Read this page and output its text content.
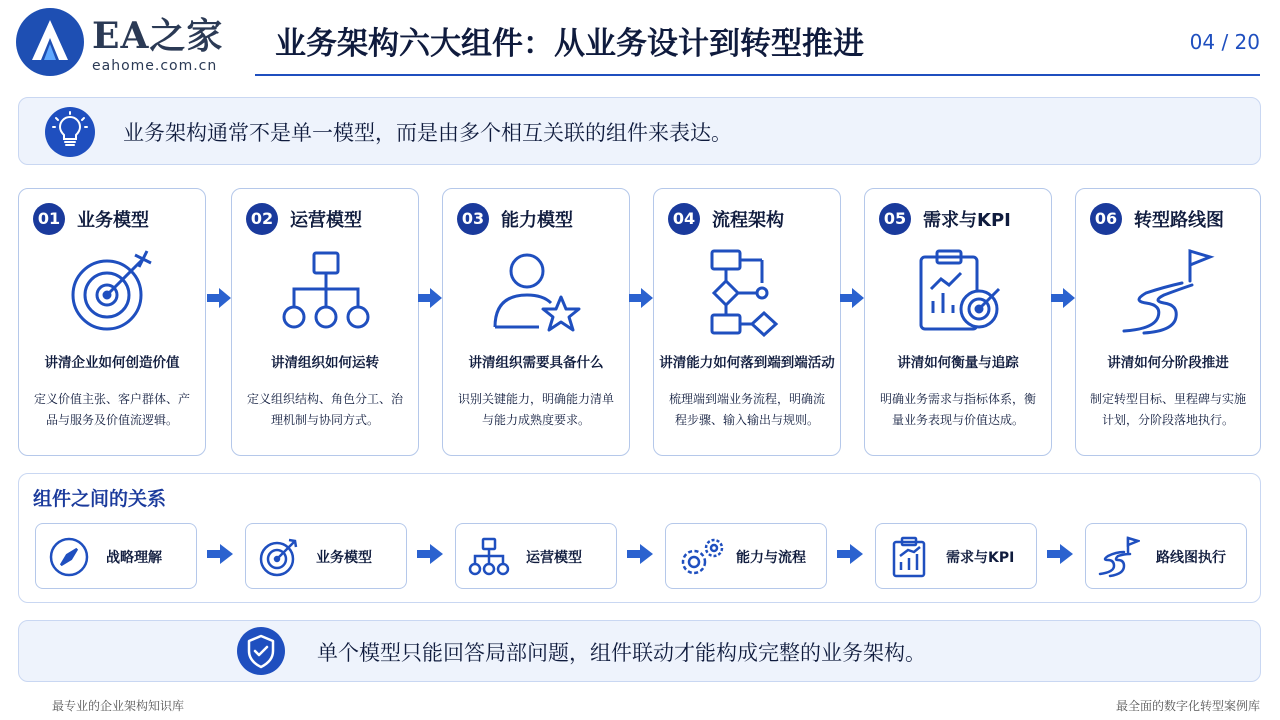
EA之家
eahome.com.cn
业务架构六大组件：从业务设计到转型推进	04 / 20
业务架构通常不是单一模型，而是由多个相互关联的组件来表达。
01 业务模型
讲清企业如何创造价值
定义价值主张、客户群体、产品与服务及价值流逻辑。
02 运营模型
讲清组织如何运转
定义组织结构、角色分工、治理机制与协同方式。
03 能力模型
讲清组织需要具备什么
识别关键能力，明确能力清单与能力成熟度要求。
04 流程架构
讲清能力如何落到端到端活动
梳理端到端业务流程，明确流程步骤、输入输出与规则。
05 需求与KPI
讲清如何衡量与追踪
明确业务需求与指标体系，衡量业务表现与价值达成。
06 转型路线图
讲清如何分阶段推进
制定转型目标、里程碑与实施计划，分阶段落地执行。
组件之间的关系
战略理解	业务模型	运营模型	能力与流程	需求与KPI	路线图执行
单个模型只能回答局部问题，组件联动才能构成完整的业务架构。
最专业的企业架构知识库	最全面的数字化转型案例库
